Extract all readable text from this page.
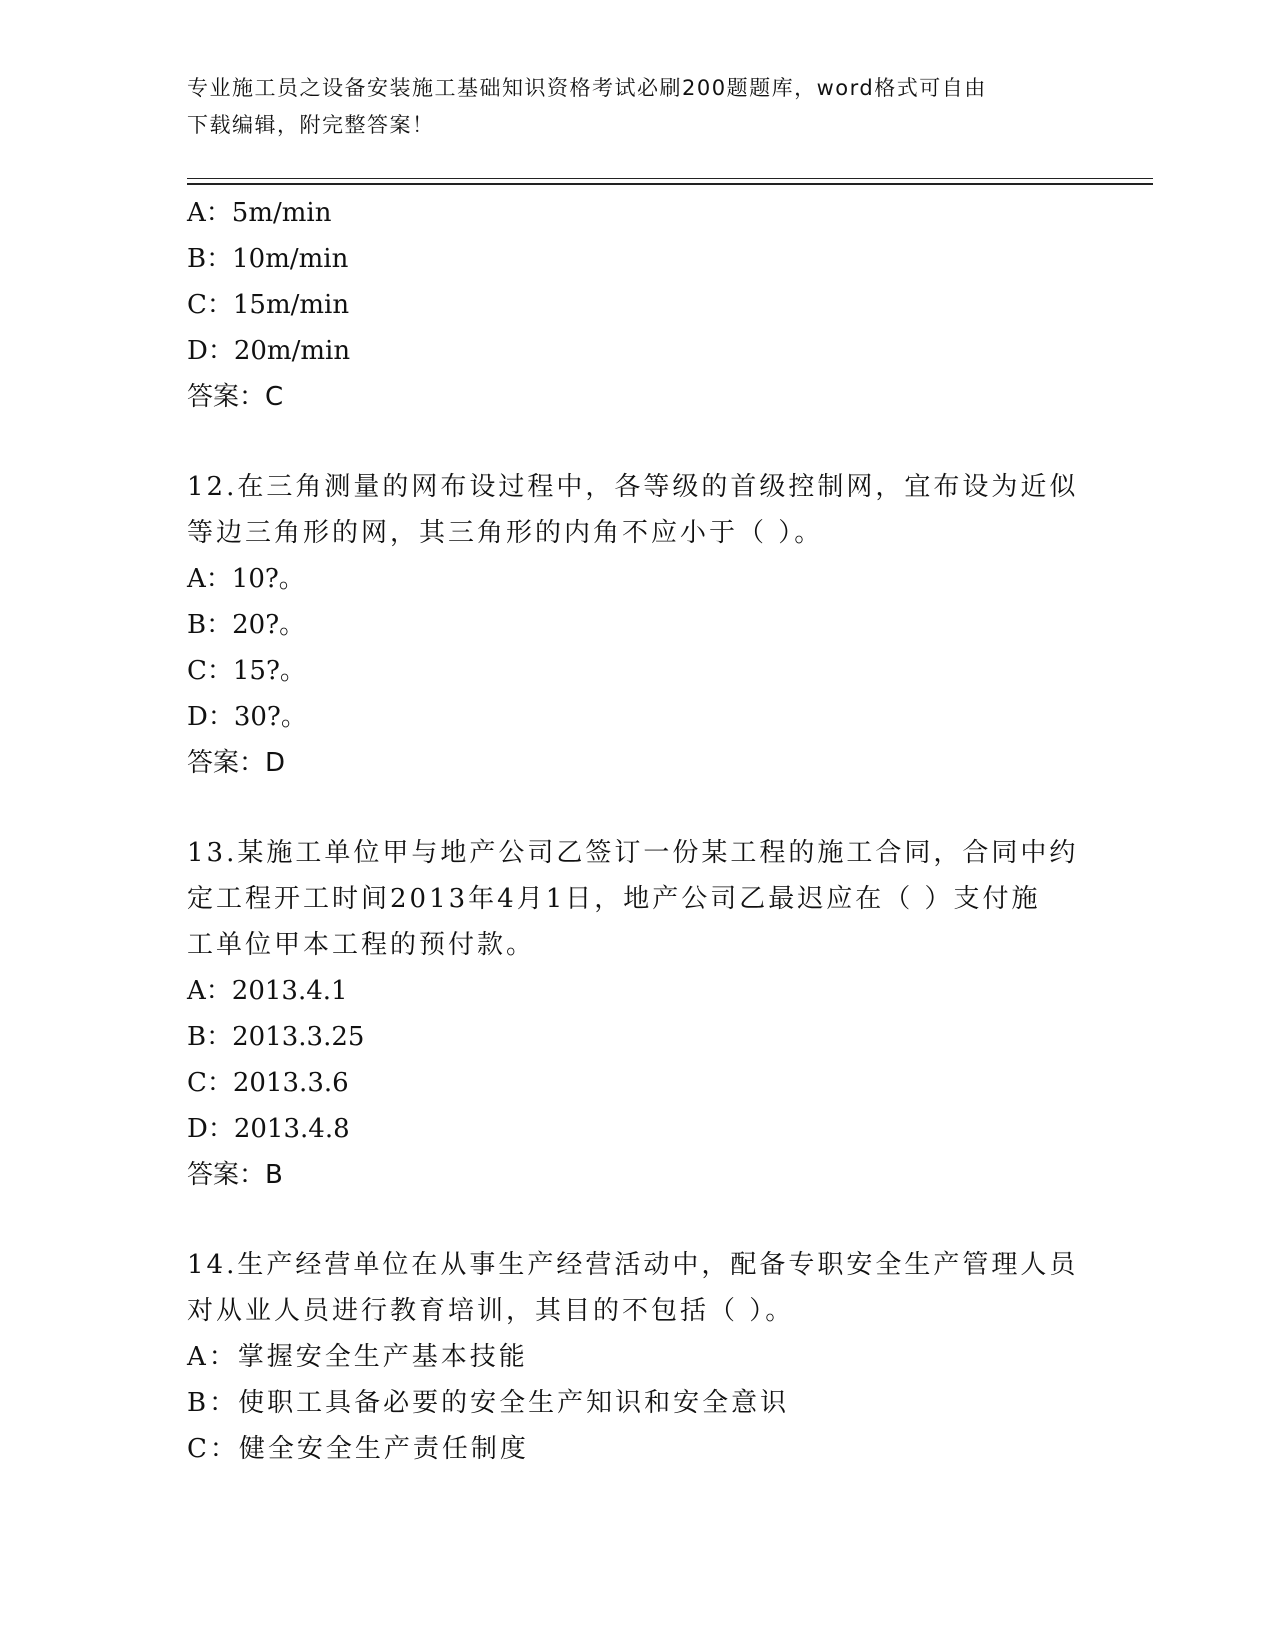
专业施工员之设备安装施工基础知识资格考试必刷200题题库，word格式可自由
下载编辑，附完整答案！
A：5m/min
B：10m/min
C：15m/min
D：20m/min
答案：C
12.在三角测量的网布设过程中，各等级的首级控制网，宜布设为近似
等边三角形的网，其三角形的内角不应小于（ ）。
A：10?。
B：20?。
C：15?。
D：30?。
答案：D
13.某施工单位甲与地产公司乙签订一份某工程的施工合同，合同中约
定工程开工时间2013年4月1日，地产公司乙最迟应在（ ）支付施
工单位甲本工程的预付款。
A：2013.4.1
B：2013.3.25
C：2013.3.6
D：2013.4.8
答案：B
14.生产经营单位在从事生产经营活动中，配备专职安全生产管理人员
对从业人员进行教育培训，其目的不包括（ ）。
A：掌握安全生产基本技能
B：使职工具备必要的安全生产知识和安全意识
C：健全安全生产责任制度
